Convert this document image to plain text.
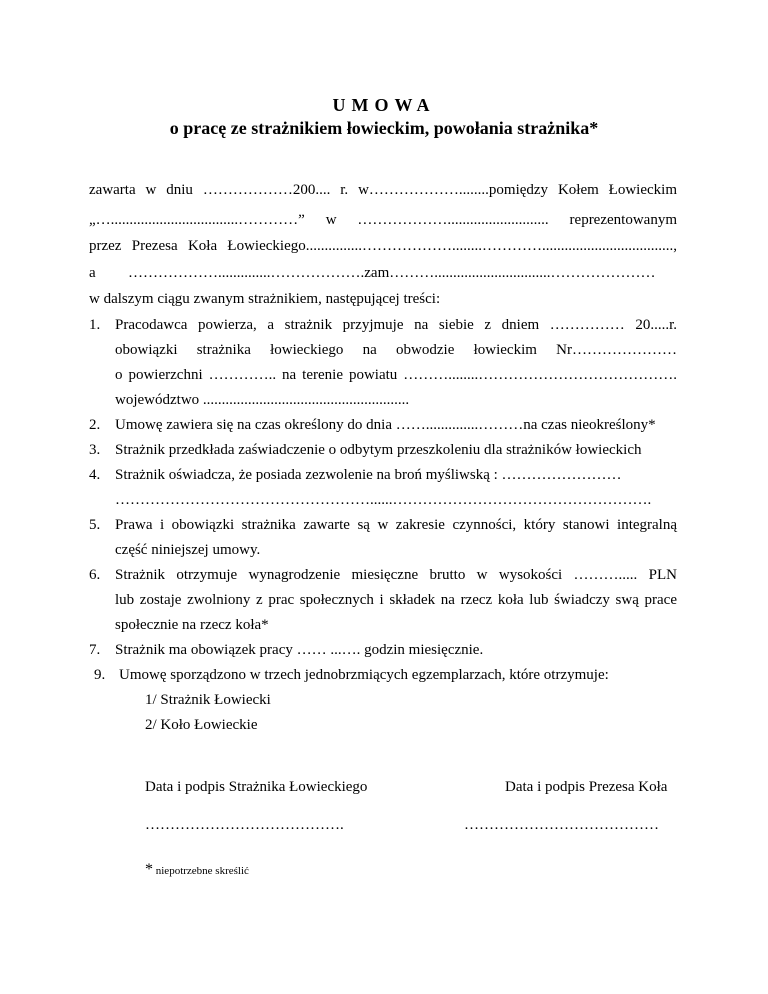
UMOWA
o pracę ze strażnikiem łowieckim, powołania strażnika*
zawarta w dniu ………………200.... r. w………………........pomiędzy Kołem Łowieckim
„…..................................…………” w ………………........................... reprezentowanym
przez Prezesa Koła Łowieckiego...............………………........…………...................................,
a ………………..............……………….zam………...............................…………………
w dalszym ciągu zwanym strażnikiem, następującej treści:
1. Pracodawca powierza, a strażnik przyjmuje na siebie z dniem …………… 20.....r.
obowiązki strażnika łowieckiego na obwodzie łowieckim Nr…………………
o powierzchni ………….. na terenie powiatu ………........………………………………….
województwo .......................................................
2. Umowę zawiera się na czas określony do dnia ……..............………na czas nieokreślony*
3. Strażnik przedkłada zaświadczenie o odbytym przeszkoleniu dla strażników łowieckich
4. Strażnik oświadcza, że posiada zezwolenie na broń myśliwską : ……………………
……………………………………………......…………………………………………….
5. Prawa i obowiązki strażnika zawarte są w zakresie czynności, który stanowi integralną
część niniejszej umowy.
6. Strażnik otrzymuje wynagrodzenie miesięczne brutto w wysokości ………..... PLN
lub zostaje zwolniony z prac społecznych i składek na rzecz koła lub świadczy swą prace
społecznie na rzecz koła*
7. Strażnik ma obowiązek pracy …… ...…. godzin miesięcznie.
9. Umowę sporządzono w trzech jednobrzmiących egzemplarzach, które otrzymuje:
1/ Strażnik Łowiecki
2/ Koło Łowieckie
Data i podpis Strażnika Łowieckiego	Data i podpis Prezesa Koła
………………………………….	…………………………………
* niepotrzebne skreślić
